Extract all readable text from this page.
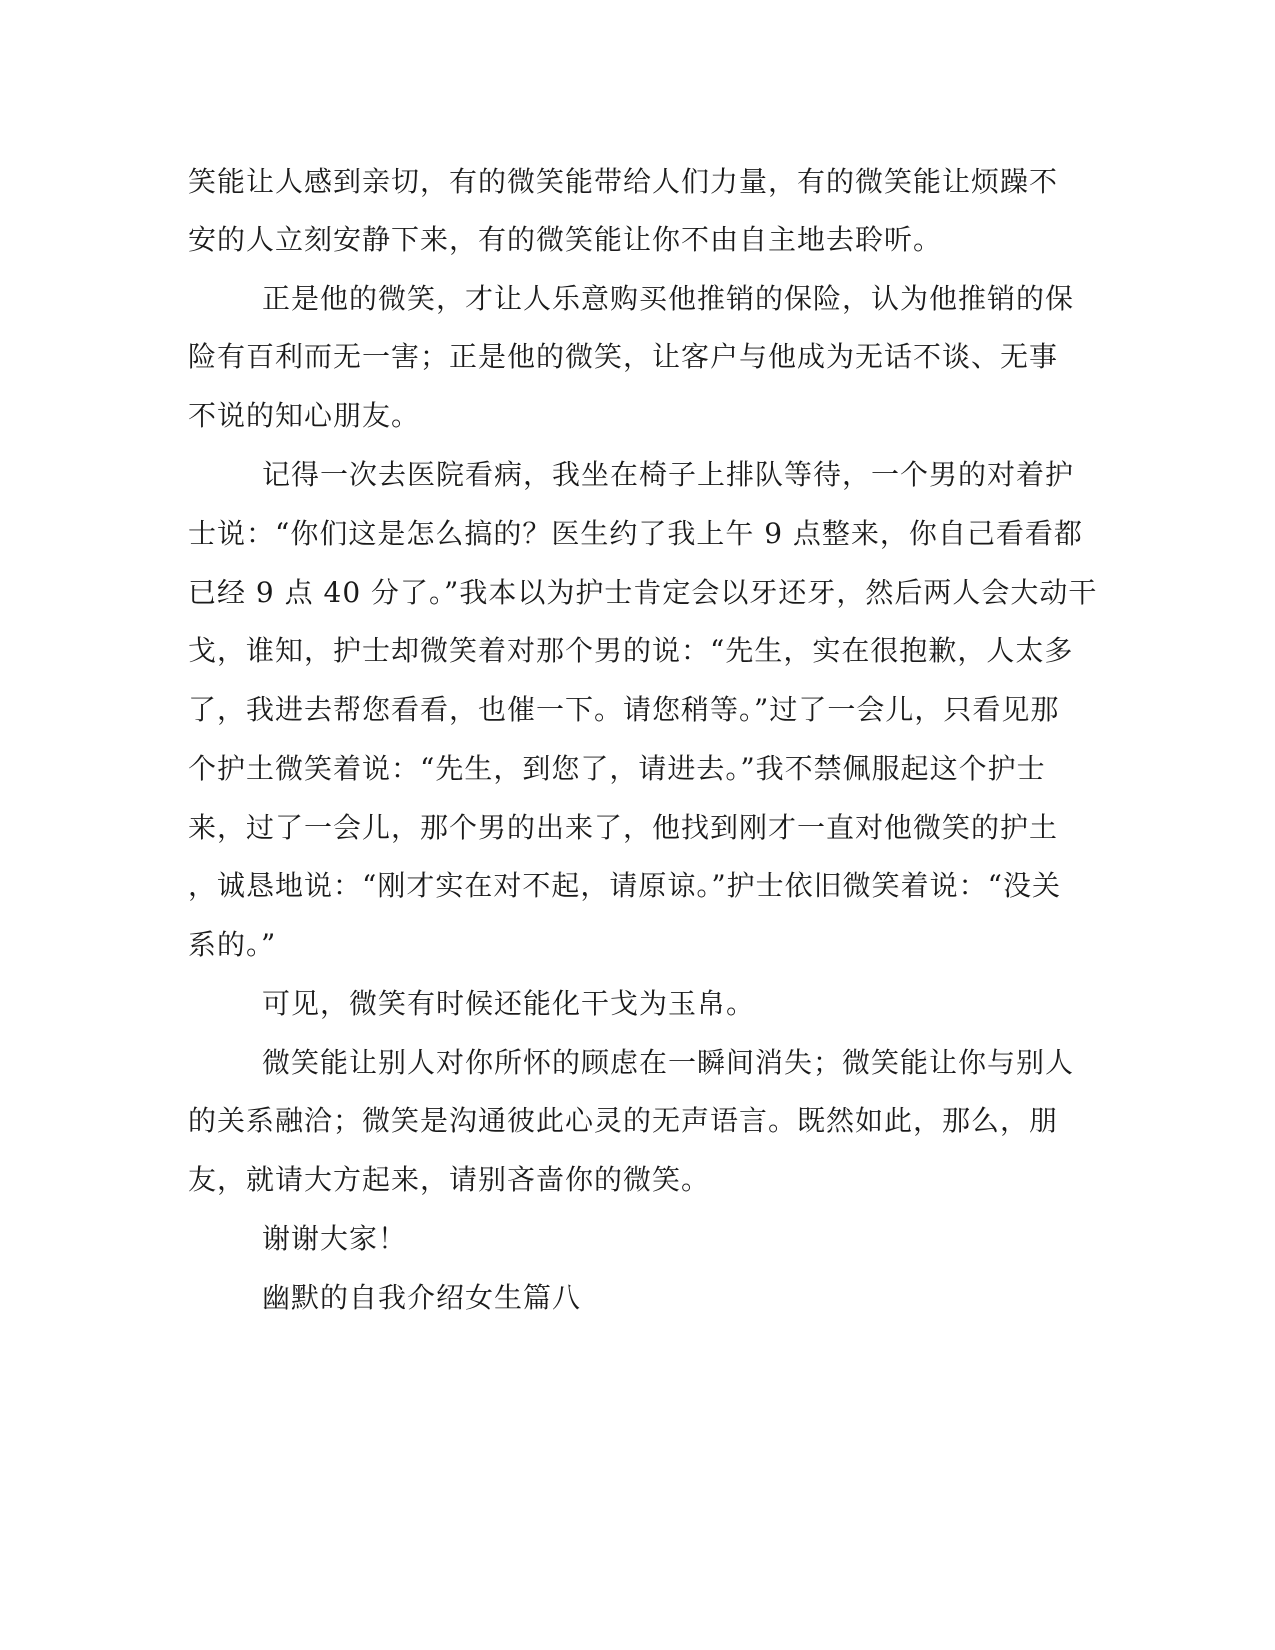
笑能让人感到亲切，有的微笑能带给人们力量，有的微笑能让烦躁不
安的人立刻安静下来，有的微笑能让你不由自主地去聆听。
正是他的微笑，才让人乐意购买他推销的保险，认为他推销的保
险有百利而无一害；正是他的微笑，让客户与他成为无话不谈、无事
不说的知心朋友。
记得一次去医院看病，我坐在椅子上排队等待，一个男的对着护
士说：“你们这是怎么搞的？医生约了我上午 9 点整来，你自己看看都
已经 9 点 40 分了。”我本以为护士肯定会以牙还牙，然后两人会大动干
戈，谁知，护士却微笑着对那个男的说：“先生，实在很抱歉，人太多
了，我进去帮您看看，也催一下。请您稍等。”过了一会儿，只看见那
个护土微笑着说：“先生，到您了，请进去。”我不禁佩服起这个护士
来，过了一会儿，那个男的出来了，他找到刚才一直对他微笑的护土
，诚恳地说：“刚才实在对不起，请原谅。”护士依旧微笑着说：“没关
系的。”
可见，微笑有时候还能化干戈为玉帛。
微笑能让别人对你所怀的顾虑在一瞬间消失；微笑能让你与别人
的关系融洽；微笑是沟通彼此心灵的无声语言。既然如此，那么，朋
友，就请大方起来，请别吝啬你的微笑。
谢谢大家！
幽默的自我介绍女生篇八
